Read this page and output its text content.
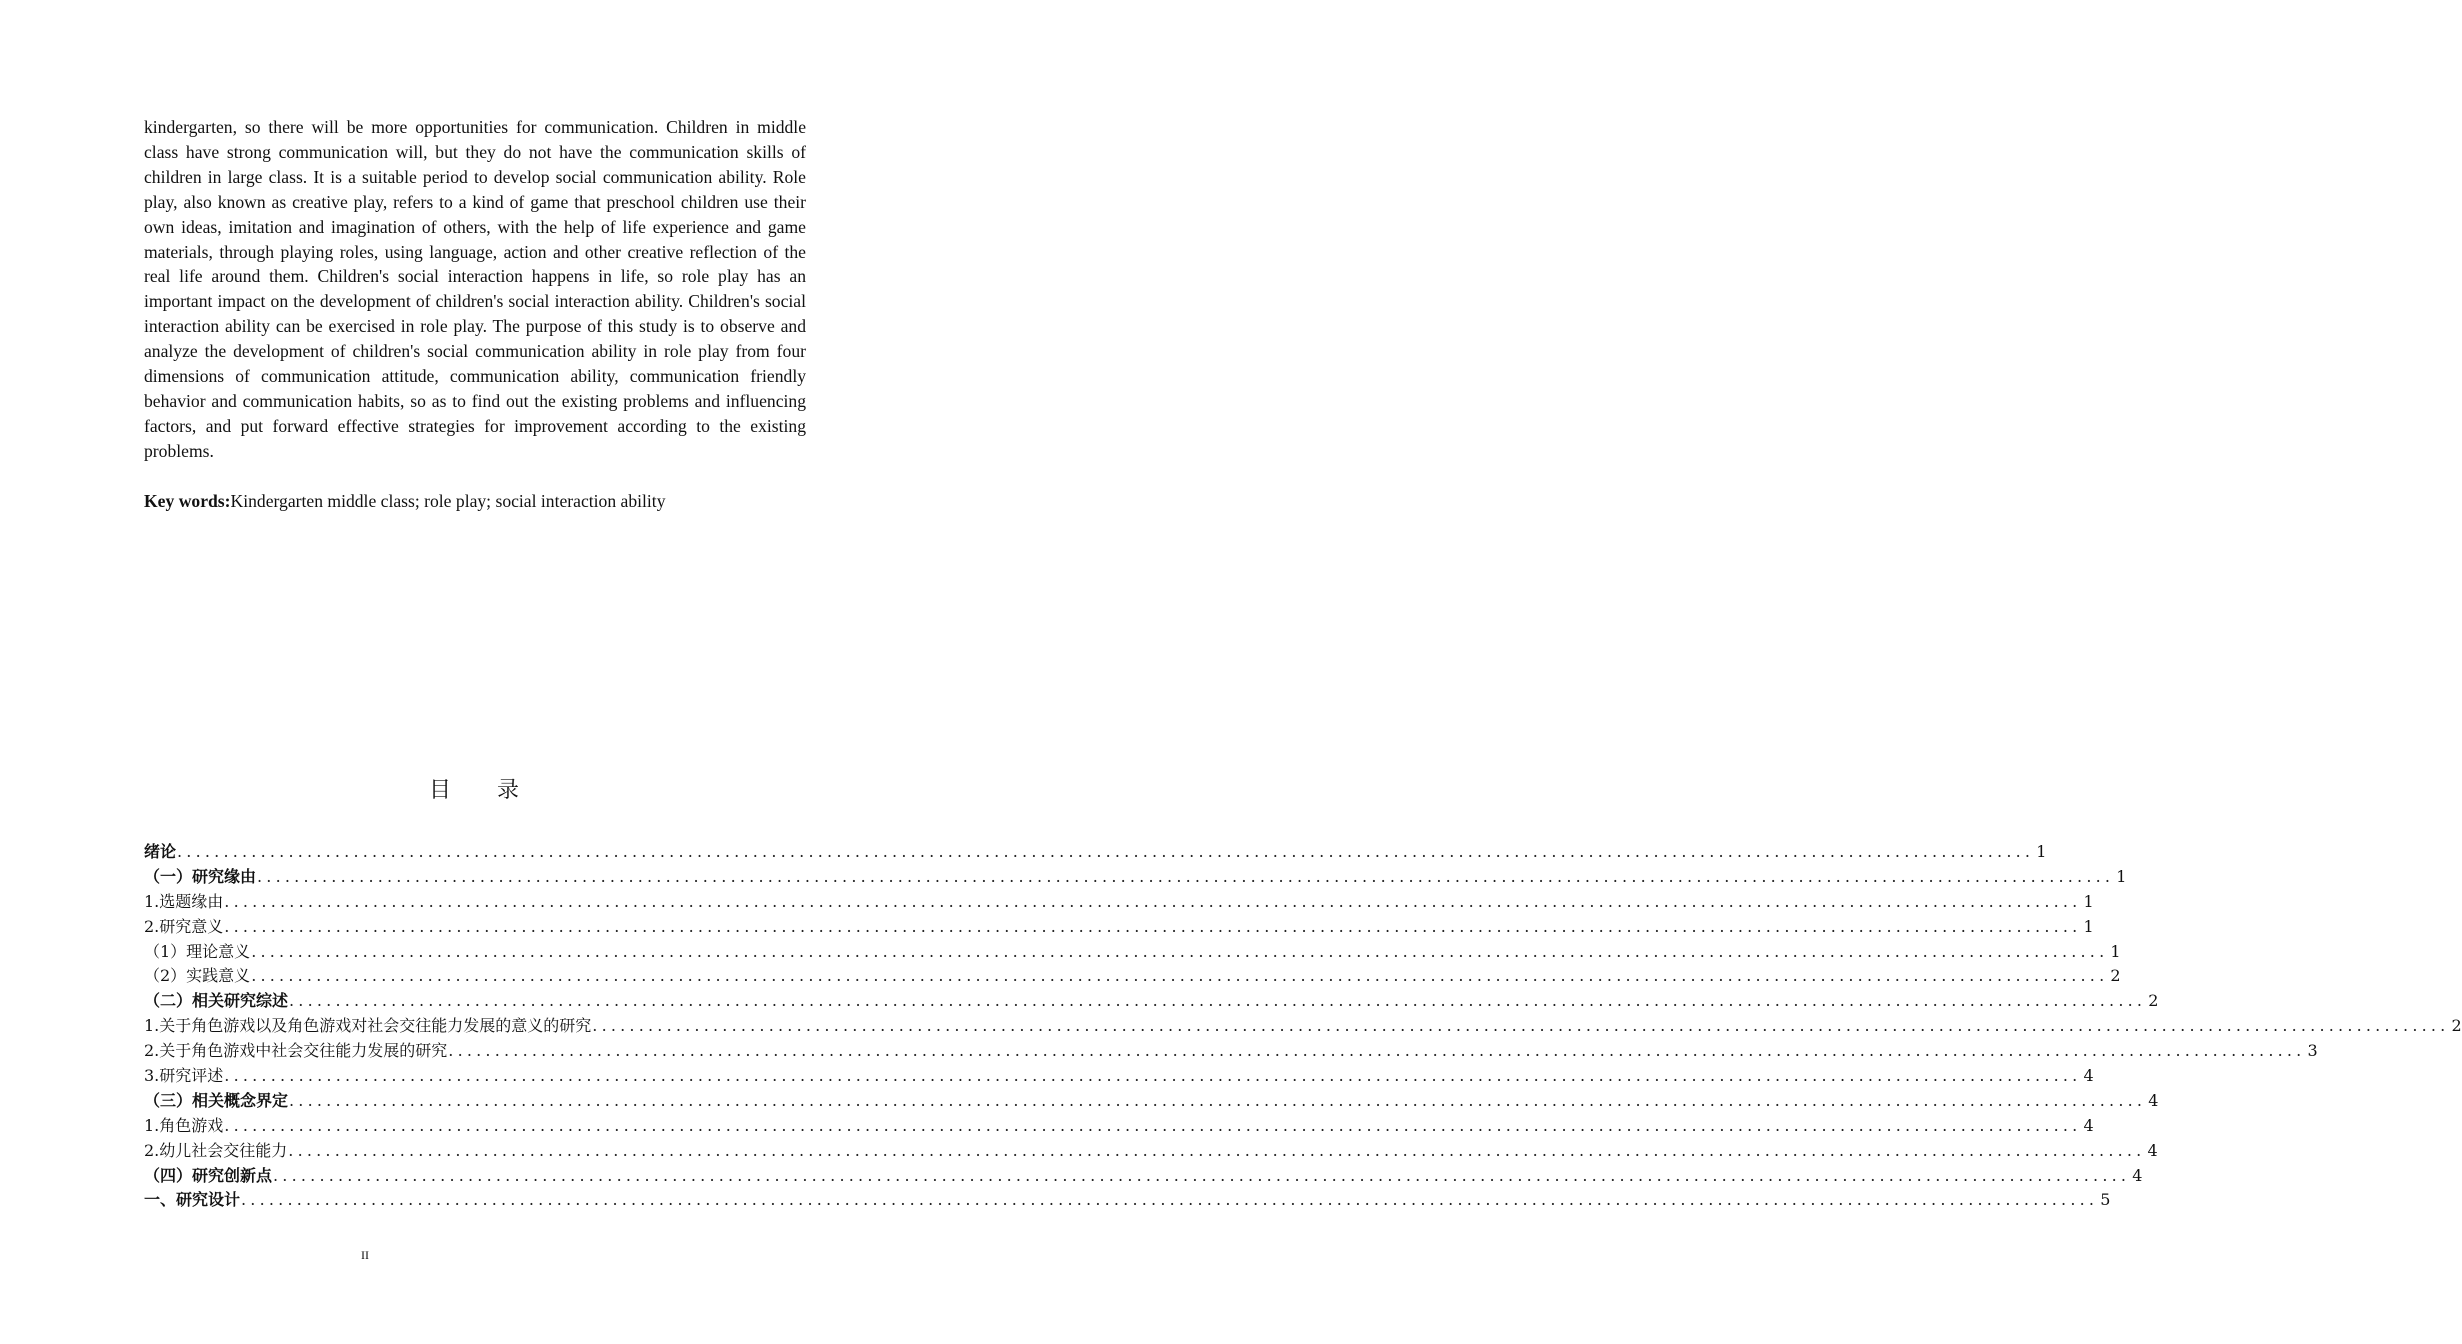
kindergarten, so there will be more opportunities for communication. Children in middle class have strong communication will, but they do not have the communication skills of children in large class. It is a suitable period to develop social communication ability. Role play, also known as creative play, refers to a kind of game that preschool children use their own ideas, imitation and imagination of others, with the help of life experience and game materials, through playing roles, using language, action and other creative reflection of the real life around them. Children's social interaction happens in life, so role play has an important impact on the development of children's social interaction ability. Children's social interaction ability can be exercised in role play. The purpose of this study is to observe and analyze the development of children's social communication ability in role play from four dimensions of communication attitude, communication ability, communication friendly behavior and communication habits, so as to find out the existing problems and influencing factors, and put forward effective strategies for improvement according to the existing problems.

Key words:Kindergarten middle class; role play; social interaction ability
目 录
绪论 ........................................................................................................................................................................................................ 1
（一）研究缘由 ........................................................................................................................................................................................................ 1
1.选题缘由 ........................................................................................................................................................................................................ 1
2.研究意义 ........................................................................................................................................................................................................ 1
（1）理论意义 ........................................................................................................................................................................................................ 1
（2）实践意义 ........................................................................................................................................................................................................ 2
（二）相关研究综述 ........................................................................................................................................................................................................ 2
1.关于角色游戏以及角色游戏对社会交往能力发展的意义的研究 ........................................................................................................................................................................................................ 2
2.关于角色游戏中社会交往能力发展的研究 ........................................................................................................................................................................................................ 3
3.研究评述 ........................................................................................................................................................................................................ 4
（三）相关概念界定 ........................................................................................................................................................................................................ 4
1.角色游戏 ........................................................................................................................................................................................................ 4
2.幼儿社会交往能力 ........................................................................................................................................................................................................ 4
（四）研究创新点 ........................................................................................................................................................................................................ 4
一、研究设计 ........................................................................................................................................................................................................ 5
II
